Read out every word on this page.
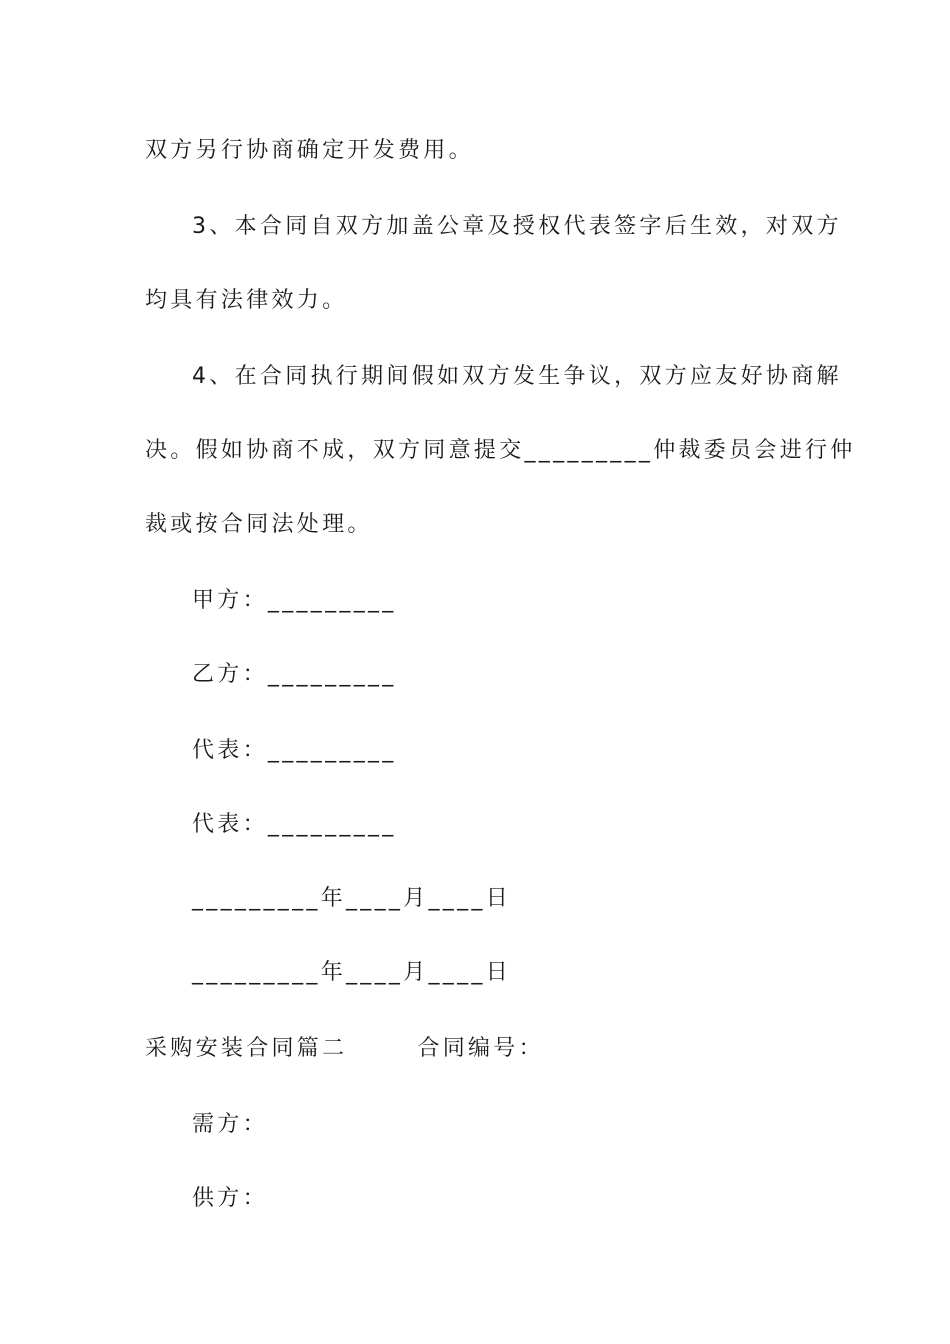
双方另行协商确定开发费用。
3、本合同自双方加盖公章及授权代表签字后生效，对双方
均具有法律效力。
4、在合同执行期间假如双方发生争议，双方应友好协商解
决。假如协商不成，双方同意提交_________仲裁委员会进行仲
裁或按合同法处理。
甲方：_________
乙方：_________
代表：_________
代表：_________
_________年____月____日
_________年____月____日
采购安装合同篇二	合同编号：
需方：
供方：
